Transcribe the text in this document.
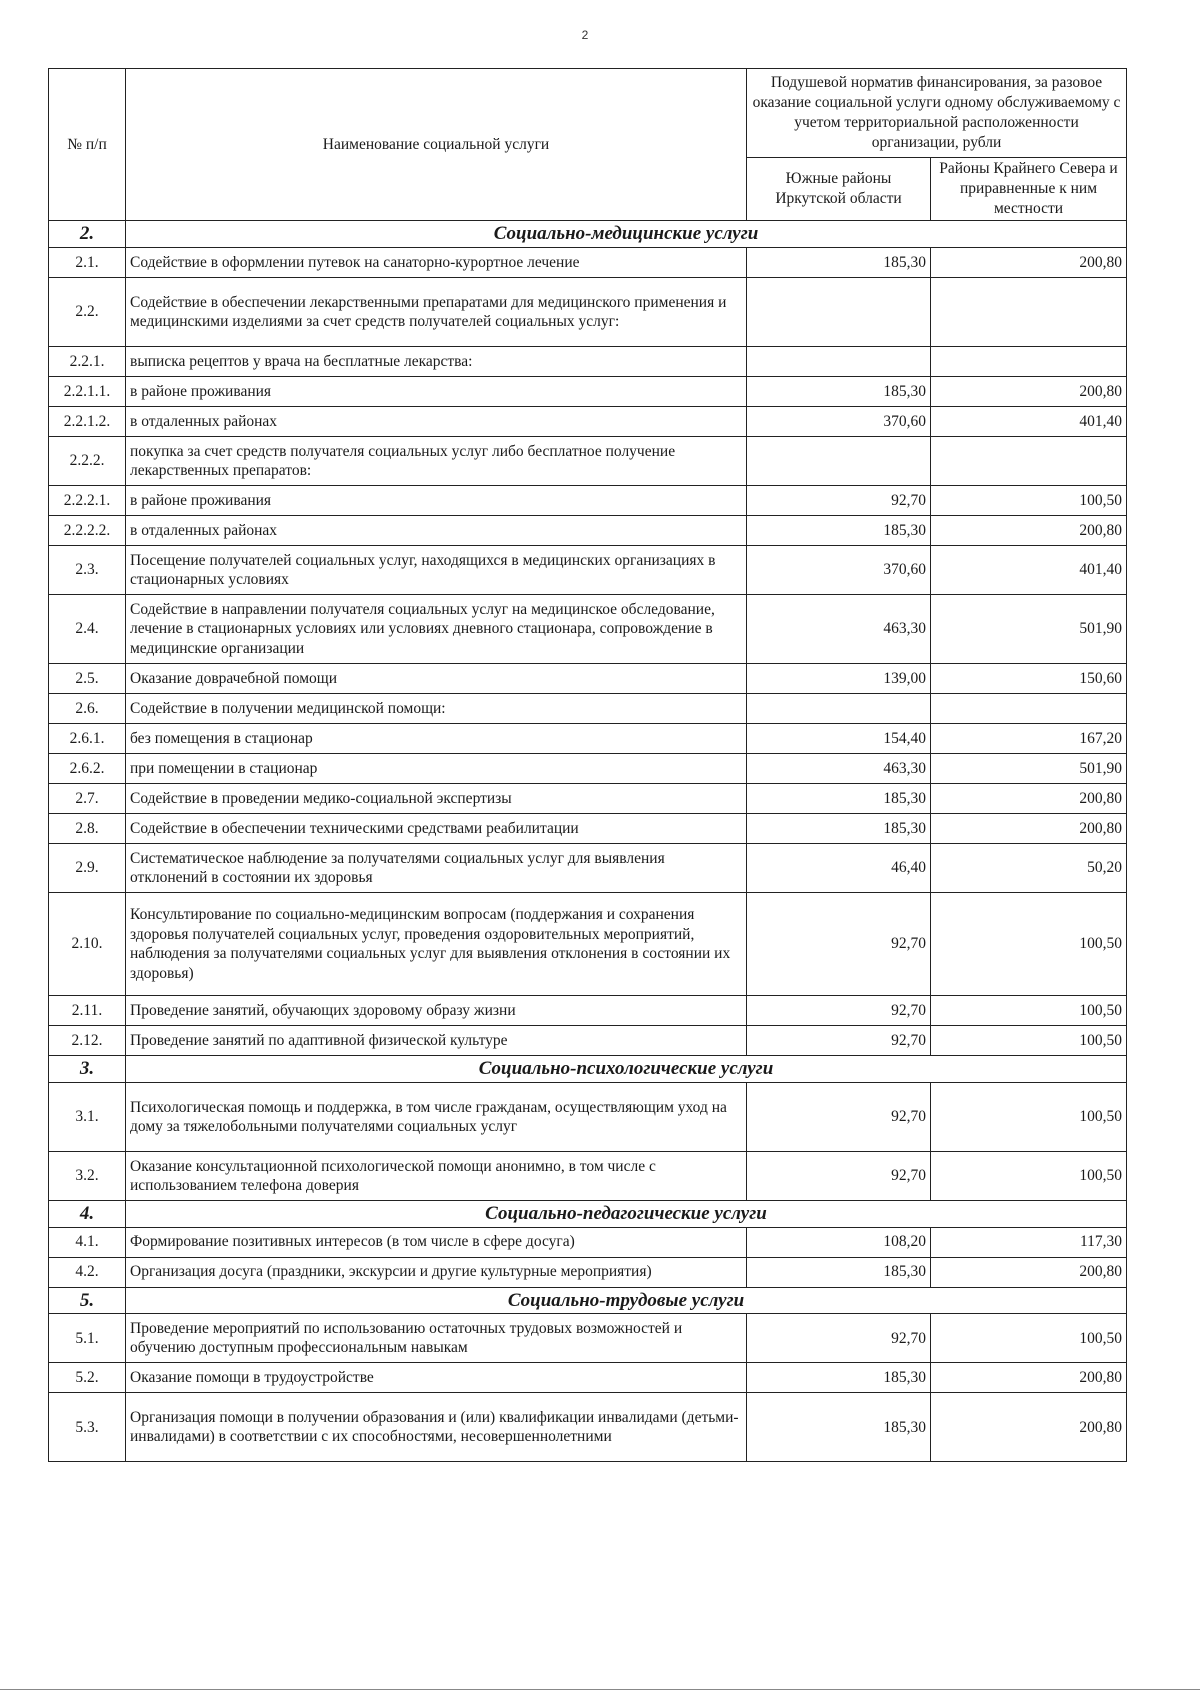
2
№ п/п	Наименование социальной услуги	Подушевой норматив финансирования, за разовое оказание социальной услуги одному обслуживаемому с учетом территориальной расположенности организации, рубли	
		Южные районы Иркутской области	Районы Крайнего Севера и приравненные к ним местности
2.	Социально-медицинские услуги		
2.1.	Содействие в оформлении путевок на санаторно-курортное лечение	185,30	200,80
2.2.	Содействие в обеспечении лекарственными препаратами для медицинского применения и медицинскими изделиями за счет средств получателей социальных услуг:		
2.2.1.	выписка рецептов у врача на бесплатные лекарства:		
2.2.1.1.	в районе проживания	185,30	200,80
2.2.1.2.	в отдаленных районах	370,60	401,40
2.2.2.	покупка за счет средств получателя социальных услуг либо бесплатное получение лекарственных препаратов:		
2.2.2.1.	в районе проживания	92,70	100,50
2.2.2.2.	в отдаленных районах	185,30	200,80
2.3.	Посещение получателей социальных услуг, находящихся в медицинских организациях в стационарных условиях	370,60	401,40
2.4.	Содействие в направлении получателя социальных услуг на медицинское обследование, лечение в стационарных условиях или условиях дневного стационара, сопровождение в медицинские организации	463,30	501,90
2.5.	Оказание доврачебной помощи	139,00	150,60
2.6.	Содействие в получении медицинской помощи:		
2.6.1.	без помещения в стационар	154,40	167,20
2.6.2.	при помещении в стационар	463,30	501,90
2.7.	Содействие в проведении медико-социальной экспертизы	185,30	200,80
2.8.	Содействие в обеспечении техническими средствами реабилитации	185,30	200,80
2.9.	Систематическое наблюдение за получателями социальных услуг для выявления отклонений в состоянии их здоровья	46,40	50,20
2.10.	Консультирование по социально-медицинским вопросам (поддержания и сохранения здоровья получателей социальных услуг, проведения оздоровительных мероприятий, наблюдения за получателями социальных услуг для выявления отклонения в состоянии их здоровья)	92,70	100,50
2.11.	Проведение занятий, обучающих здоровому образу жизни	92,70	100,50
2.12.	Проведение занятий по адаптивной физической культуре	92,70	100,50
3.	Социально-психологические услуги		
3.1.	Психологическая помощь и поддержка, в том числе гражданам, осуществляющим уход на дому за тяжелобольными получателями социальных услуг	92,70	100,50
3.2.	Оказание консультационной психологической помощи анонимно, в том числе с использованием телефона доверия	92,70	100,50
4.	Социально-педагогические услуги		
4.1.	Формирование позитивных интересов (в том числе в сфере досуга)	108,20	117,30
4.2.	Организация досуга (праздники, экскурсии и другие культурные мероприятия)	185,30	200,80
5.	Социально-трудовые услуги		
5.1.	Проведение мероприятий по использованию остаточных трудовых возможностей и обучению доступным профессиональным навыкам	92,70	100,50
5.2.	Оказание помощи в трудоустройстве	185,30	200,80
5.3.	Организация помощи в получении образования и (или) квалификации инвалидами (детьми-инвалидами) в соответствии с их способностями, несовершеннолетними	185,30	200,80
